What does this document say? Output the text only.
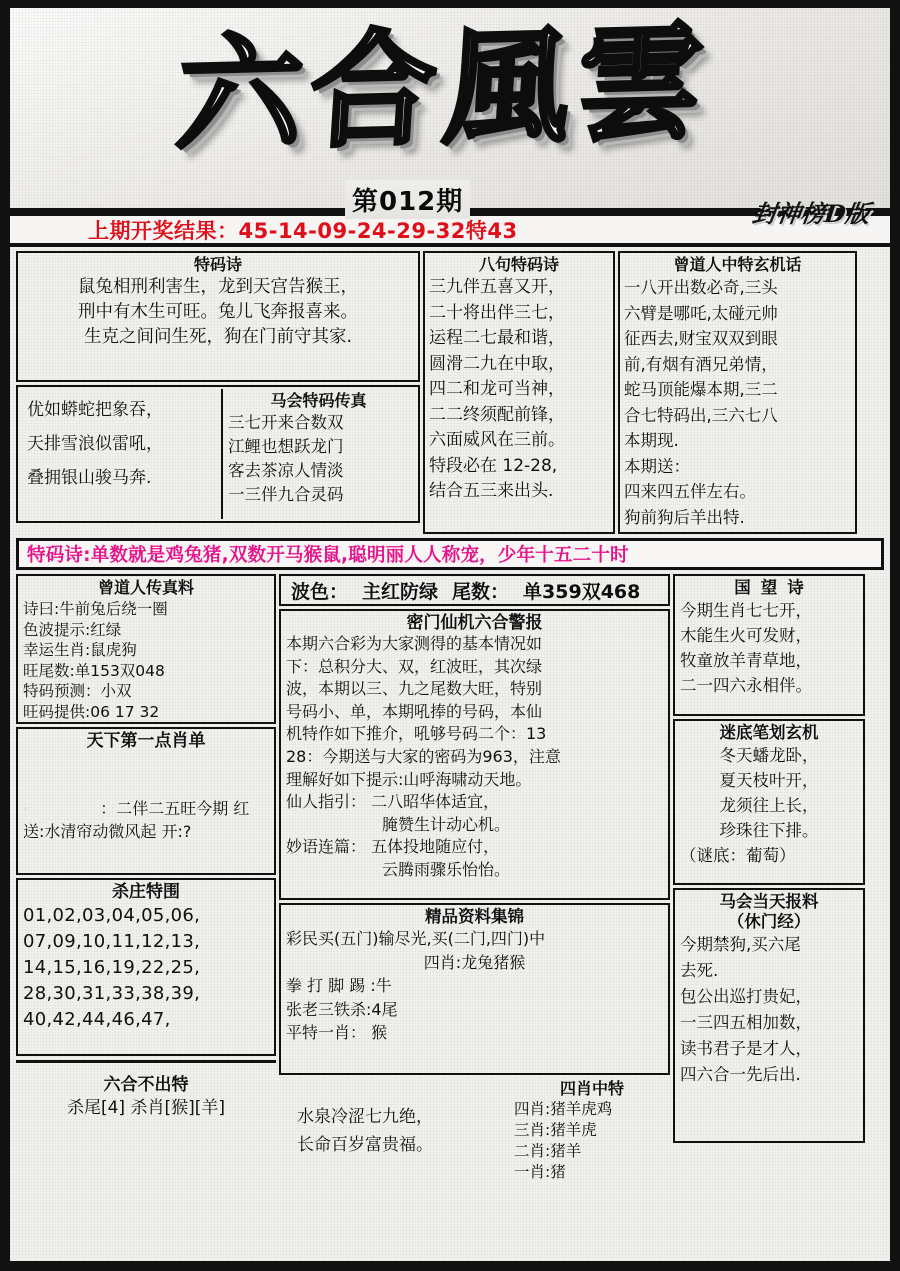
六合風雲
第012期	封神榜D版
上期开奖结果：45-14-09-24-29-32特43
特码诗
鼠兔相刑利害生，龙到天宫告猴王，
刑中有木生可旺。兔儿飞奔报喜来。
生克之间问生死，狗在门前守其家.
优如蟒蛇把象吞，
天排雪浪似雷吼，
叠拥银山骏马奔.
马会特码传真
三七开来合数双
江鲤也想跃龙门
客去茶凉人情淡
一三伴九合灵码
八句特码诗
三九伴五喜又开，
二十将出伴三七，
运程二七最和谐，
圆滑二九在中取，
四二和龙可当神，
二二终须配前锋，
六面威风在三前。
特段必在 12-28,
结合五三来出头.
曾道人中特玄机话
一八开出数必奇,三头
六臂是哪吒,太碰元帅
征西去,财宝双双到眼
前,有烟有酒兄弟情，
蛇马顶能爆本期,三二
合七特码出,三六七八
本期现.
本期送：
四来四五伴左右。
狗前狗后羊出特.
特码诗:单数就是鸡兔猪,双数开马猴鼠,聪明丽人人称宠，少年十五二十时
曾道人传真料
诗曰:牛前兔后绕一圈
色波提示:红绿
幸运生肖:鼠虎狗
旺尾数:单153双048
特码预测：小双
旺码提供:06 17 32
天下第一点肖单
·	：二伴二五旺今期 红
送:水清帘动微风起 开:?
杀庄特围
01,02,03,04,05,06,
07,09,10,11,12,13,
14,15,16,19,22,25,
28,30,31,33,38,39,
40,42,44,46,47,
六合不出特
杀尾[4] 杀肖[猴][羊]
波色： 主红防绿 尾数： 单359双468
密门仙机六合警报
本期六合彩为大家测得的基本情况如
下：总积分大、双，红波旺，其次绿
波，本期以三、九之尾数大旺，特别
号码小、单，本期吼捧的号码，本仙
机特作如下推介，吼够号码二个：13
28：今期送与大家的密码为963，注意
理解好如下提示:山呼海啸动天地。
仙人指引： 二八昭华体适宜，
腌赞生计动心机。
妙语连篇： 五体投地随应付，
云腾雨骤乐怡怡。
精品资料集锦
彩民买(五门)输尽光,买(二门,四门)中
四肖:龙兔猪猴
拳 打 脚 踢 :牛
张老三铁杀:4尾
平特一肖： 猴
水泉冷涩七九绝，
长命百岁富贵福。
四肖中特
四肖:猪羊虎鸡
三肖:猪羊虎
二肖:猪羊
一肖:猪
国望诗
今期生肖七七开，
木能生火可发财，
牧童放羊青草地，
二一四六永相伴。
迷底笔划玄机
冬天蟠龙卧，
夏天枝叶开，
龙须往上长，
珍珠往下排。
（谜底：葡萄）
马会当天报料
（休门经）
今期禁狗,买六尾
去死.
包公出巡打贵妃，
一三四五相加数，
读书君子是才人，
四六合一先后出.
